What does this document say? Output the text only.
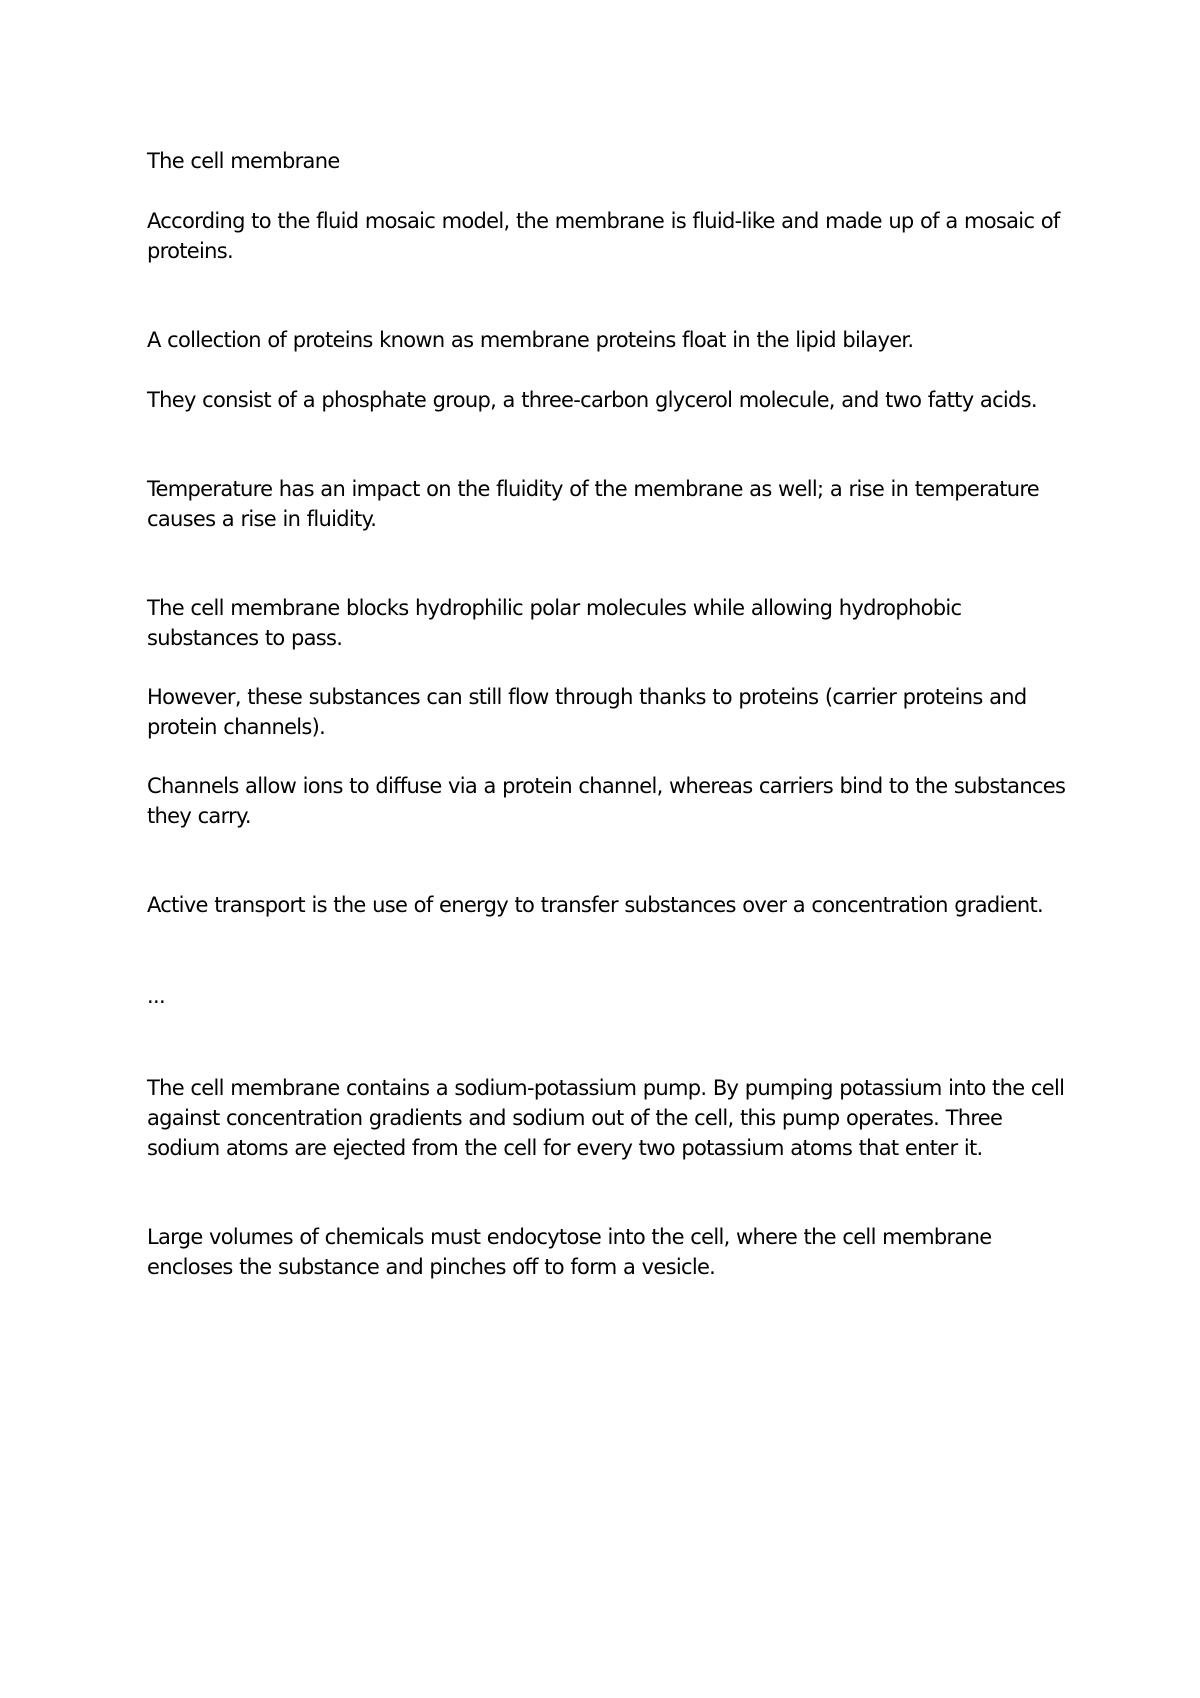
The cell membrane

According to the fluid mosaic model, the membrane is fluid-like and made up of a mosaic of proteins.

A collection of proteins known as membrane proteins float in the lipid bilayer.

They consist of a phosphate group, a three-carbon glycerol molecule, and two fatty acids.

Temperature has an impact on the fluidity of the membrane as well; a rise in temperature causes a rise in fluidity.

The cell membrane blocks hydrophilic polar molecules while allowing hydrophobic substances to pass.

However, these substances can still flow through thanks to proteins (carrier proteins and protein channels).

Channels allow ions to diffuse via a protein channel, whereas carriers bind to the substances they carry.

Active transport is the use of energy to transfer substances over a concentration gradient.

...

The cell membrane contains a sodium-potassium pump. By pumping potassium into the cell against concentration gradients and sodium out of the cell, this pump operates. Three sodium atoms are ejected from the cell for every two potassium atoms that enter it.

Large volumes of chemicals must endocytose into the cell, where the cell membrane encloses the substance and pinches off to form a vesicle.
